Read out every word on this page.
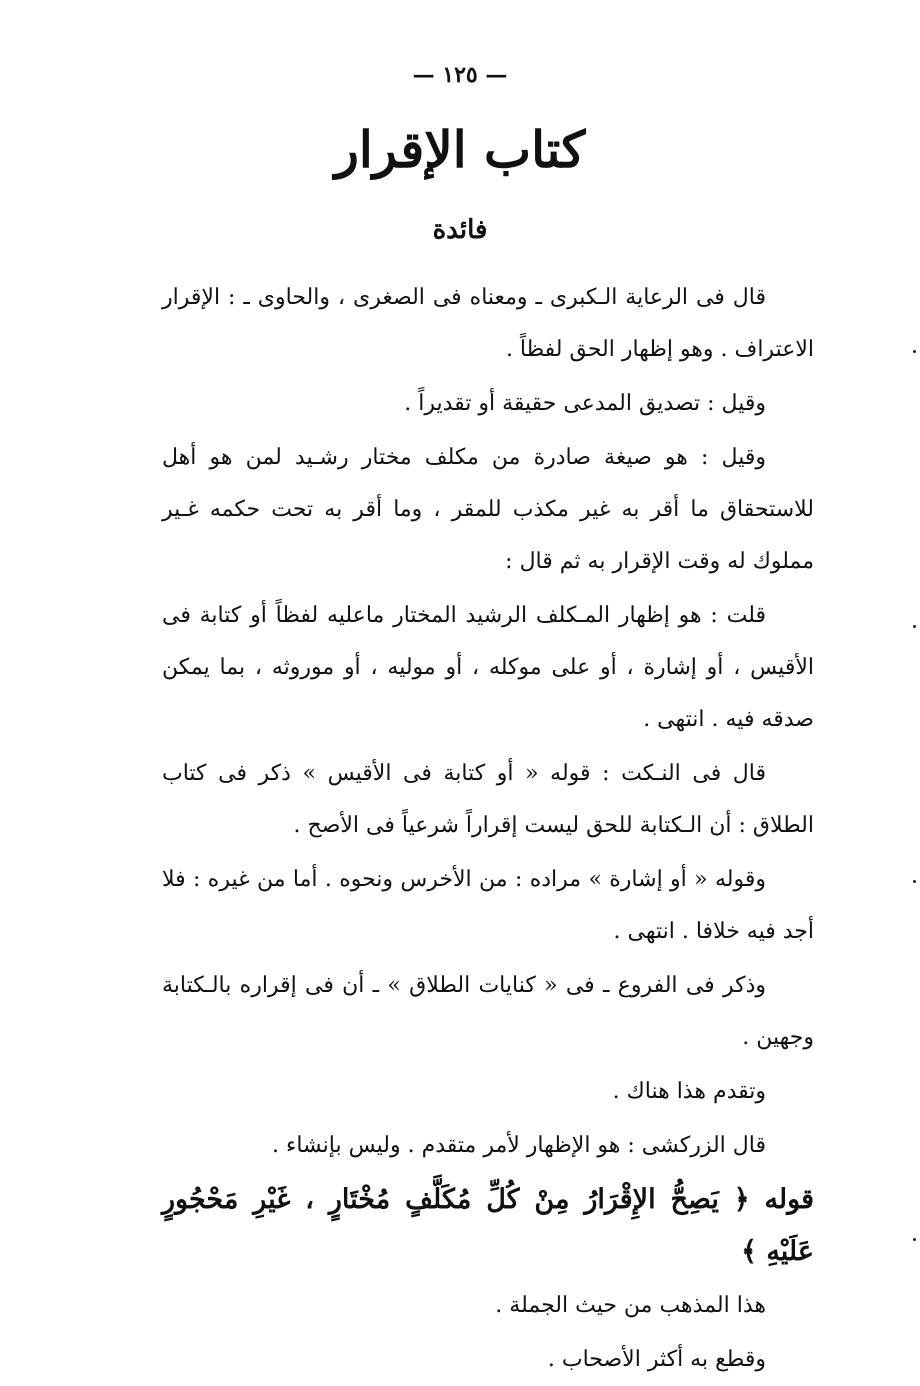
— ١٢٥ —
كتاب الإقرار
فائدة

قال فى الرعاية الـكبرى ـ ومعناه فى الصغرى ، والحاوى ـ : الإقرار الاعتراف . وهو إظهار الحق لفظاً .

وقيل : تصديق المدعى حقيقة أو تقديراً .

وقيل : هو صيغة صادرة من مكلف مختار رشـيد لمن هو أهل للاستحقاق ما أقر به غير مكذب للمقر ، وما أقر به تحت حكمه غـير مملوك له وقت الإقرار به ثم قال :

قلت : هو إظهار المـكلف الرشيد المختار ماعليه لفظاً أو كتابة فى الأقيس ، أو إشارة ، أو على موكله ، أو موليه ، أو موروثه ، بما يمكن صدقه فيه . انتهى .

قال فى النـكت : قوله « أو كتابة فى الأقيس » ذكر فى كتاب الطلاق : أن الـكتابة للحق ليست إقراراً شرعياً فى الأصح .

وقوله « أو إشارة » مراده : من الأخرس ونحوه . أما من غيره : فلا أجد فيه خلافا . انتهى .

وذكر فى الفروع ـ فى « كنايات الطلاق » ـ أن فى إقراره بالـكتابة وجهين .

وتقدم هذا هناك .

قال الزركشى : هو الإظهار لأمر متقدم . وليس بإنشاء .

قوله ﴿ يَصِحُّ الإِقْرَارُ مِنْ كُلِّ مُكَلَّفٍ مُخْتَارٍ ، غَيْرِ مَحْجُورٍ عَلَيْهِ ﴾

هذا المذهب من حيث الجملة .

وقطع به أكثر الأصحاب .
